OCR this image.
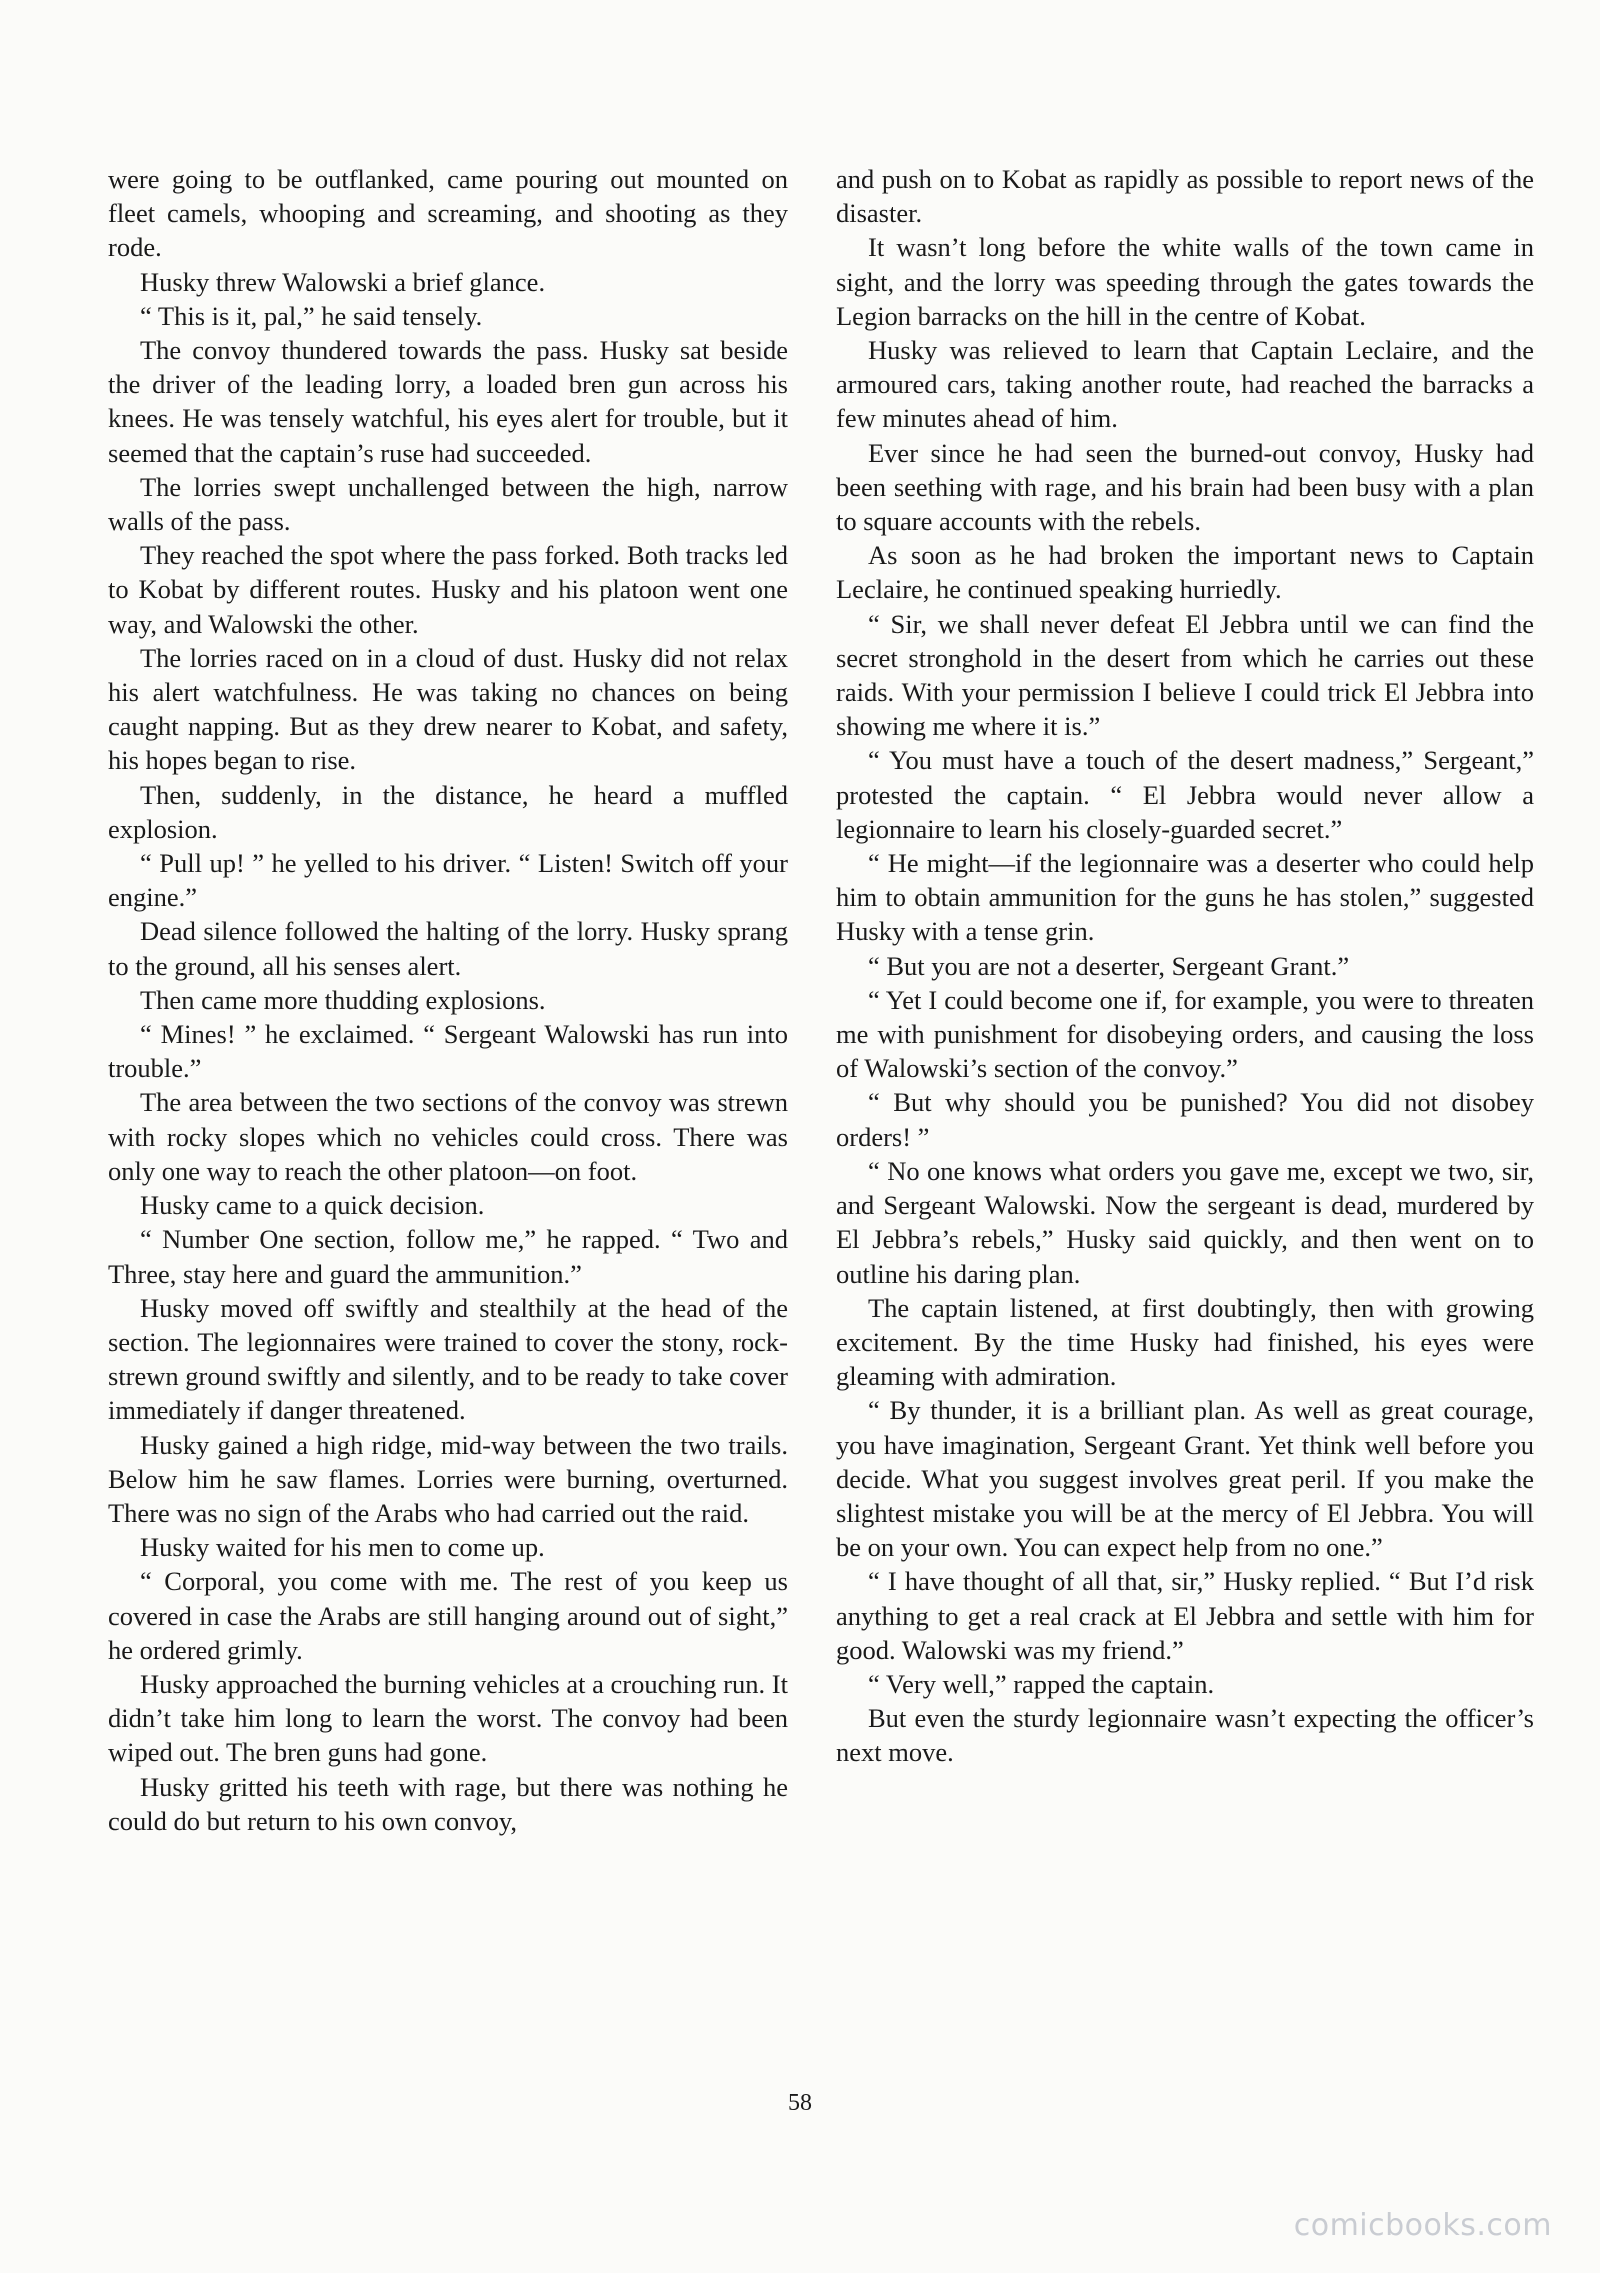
were going to be outflanked, came pouring out mounted on fleet camels, whooping and screaming, and shooting as they rode.

Husky threw Walowski a brief glance.

“ This is it, pal,” he said tensely.

The convoy thundered towards the pass. Husky sat beside the driver of the leading lorry, a loaded bren gun across his knees. He was tensely watchful, his eyes alert for trouble, but it seemed that the captain’s ruse had succeeded.

The lorries swept unchallenged between the high, narrow walls of the pass.

They reached the spot where the pass forked. Both tracks led to Kobat by different routes. Husky and his platoon went one way, and Walowski the other.

The lorries raced on in a cloud of dust. Husky did not relax his alert watchfulness. He was taking no chances on being caught napping. But as they drew nearer to Kobat, and safety, his hopes began to rise.

Then, suddenly, in the distance, he heard a muffled explosion.

“ Pull up! ” he yelled to his driver. “ Listen! Switch off your engine.”

Dead silence followed the halting of the lorry. Husky sprang to the ground, all his senses alert.

Then came more thudding explosions.

“ Mines! ” he exclaimed. “ Sergeant Walowski has run into trouble.”

The area between the two sections of the convoy was strewn with rocky slopes which no vehicles could cross. There was only one way to reach the other platoon—on foot.

Husky came to a quick decision.

“ Number One section, follow me,” he rapped. “ Two and Three, stay here and guard the ammunition.”

Husky moved off swiftly and stealthily at the head of the section. The legionnaires were trained to cover the stony, rock-strewn ground swiftly and silently, and to be ready to take cover immediately if danger threatened.

Husky gained a high ridge, mid-way between the two trails. Below him he saw flames. Lorries were burning, overturned. There was no sign of the Arabs who had carried out the raid.

Husky waited for his men to come up.

“ Corporal, you come with me. The rest of you keep us covered in case the Arabs are still hanging around out of sight,” he ordered grimly.

Husky approached the burning vehicles at a crouching run. It didn’t take him long to learn the worst. The convoy had been wiped out. The bren guns had gone.

Husky gritted his teeth with rage, but there was nothing he could do but return to his own convoy,

and push on to Kobat as rapidly as possible to report news of the disaster.

It wasn’t long before the white walls of the town came in sight, and the lorry was speeding through the gates towards the Legion barracks on the hill in the centre of Kobat.

Husky was relieved to learn that Captain Leclaire, and the armoured cars, taking another route, had reached the barracks a few minutes ahead of him.

Ever since he had seen the burned-out convoy, Husky had been seething with rage, and his brain had been busy with a plan to square accounts with the rebels.

As soon as he had broken the important news to Captain Leclaire, he continued speaking hurriedly.

“ Sir, we shall never defeat El Jebbra until we can find the secret stronghold in the desert from which he carries out these raids. With your permission I believe I could trick El Jebbra into showing me where it is.”

“ You must have a touch of the desert madness,” Sergeant,” protested the captain. “ El Jebbra would never allow a legionnaire to learn his closely-guarded secret.”

“ He might—if the legionnaire was a deserter who could help him to obtain ammunition for the guns he has stolen,” suggested Husky with a tense grin.

“ But you are not a deserter, Sergeant Grant.”

“ Yet I could become one if, for example, you were to threaten me with punishment for disobeying orders, and causing the loss of Walowski’s section of the convoy.”

“ But why should you be punished? You did not disobey orders! ”

“ No one knows what orders you gave me, except we two, sir, and Sergeant Walowski. Now the sergeant is dead, murdered by El Jebbra’s rebels,” Husky said quickly, and then went on to outline his daring plan.

The captain listened, at first doubtingly, then with growing excitement. By the time Husky had finished, his eyes were gleaming with admiration.

“ By thunder, it is a brilliant plan. As well as great courage, you have imagination, Sergeant Grant. Yet think well before you decide. What you suggest involves great peril. If you make the slightest mistake you will be at the mercy of El Jebbra. You will be on your own. You can expect help from no one.”

“ I have thought of all that, sir,” Husky replied. “ But I’d risk anything to get a real crack at El Jebbra and settle with him for good. Walowski was my friend.”

“ Very well,” rapped the captain.

But even the sturdy legionnaire wasn’t expecting the officer’s next move.

58
comicbooks.com
